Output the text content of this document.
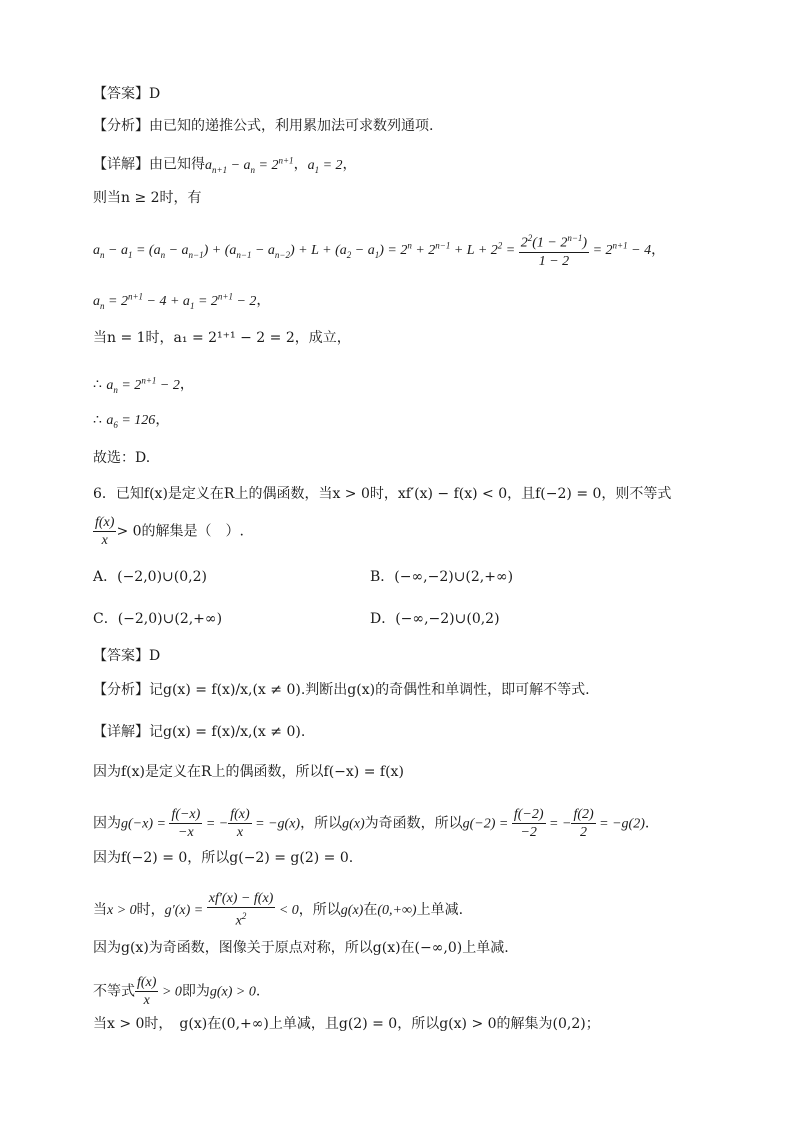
【答案】D
【分析】由已知的递推公式，利用累加法可求数列通项.
【详解】由已知得$a_{n+1} - a_n = 2^{n+1}$，$a_1 = 2$，
则当n ≥ 2时，有
$a_n - a_1 = (a_n - a_{n-1}) + (a_{n-1} - a_{n-2}) + L + (a_2 - a_1) = 2^n + 2^{n-1} + L + 2^2 = \frac{2^2(1 - 2^{n-1})}{1 - 2} = 2^{n+1} - 4$，
$a_n = 2^{n+1} - 4 + a_1 = 2^{n+1} - 2$，
当n = 1时，a₁ = 2¹⁺¹ − 2 = 2，成立，
∴ $a_n = 2^{n+1} - 2$，
∴ $a_6 = 126$，
故选：D.
6．已知f(x)是定义在R上的偶函数，当x > 0时，xf′(x) − f(x) < 0，且f(−2) = 0，则不等式
$\frac{f(x)}{x} > 0$的解集是（　）.
A．(−2,0)∪(0,2)	B．(−∞,−2)∪(2,+∞)
C．(−2,0)∪(2,+∞)	D．(−∞,−2)∪(0,2)
【答案】D
【分析】记g(x) = f(x)/x,(x ≠ 0).判断出g(x)的奇偶性和单调性，即可解不等式.
【详解】记g(x) = f(x)/x,(x ≠ 0).
因为f(x)是定义在R上的偶函数，所以f(−x) = f(x)
因为$g(-x) = \frac{f(-x)}{-x}$ = − $\frac{f(x)}{x} = -g(x)$，所以g(x)为奇函数，所以$g(-2) = \frac{f(-2)}{-2}$ = − $\frac{f(2)}{2} = -g(2)$.
因为f(−2) = 0，所以g(−2) = g(2) = 0.
当x > 0时，$g'(x) = \frac{xf'(x) - f(x)}{x^2} < 0$，所以g(x)在(0,+∞)上单减.
因为g(x)为奇函数，图像关于原点对称，所以g(x)在(−∞,0)上单减.
不等式 $\frac{f(x)}{x} > 0$即为g(x) > 0.
当x > 0时，　g(x)在(0,+∞)上单减，且g(2) = 0，所以g(x) > 0的解集为(0,2)；
